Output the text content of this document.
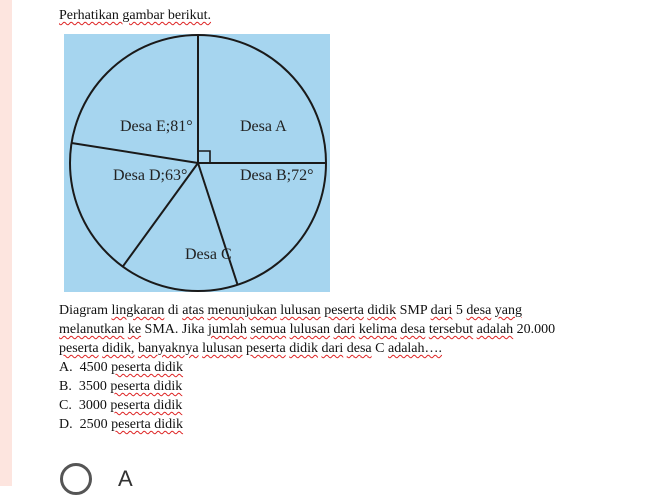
Perhatikan gambar berikut.
Desa A
Desa B;72°
Desa C
Desa D;63°
Desa E;81°
Diagram lingkaran di atas menunjukan lulusan peserta didik SMP dari 5 desa yang melanutkan ke SMA. Jika jumlah semua lulusan dari kelima desa tersebut adalah 20.000 peserta didik, banyaknya lulusan peserta didik dari desa C adalah….
A. 4500 peserta didik
B. 3500 peserta didik
C. 3000 peserta didik
D. 2500 peserta didik
A
